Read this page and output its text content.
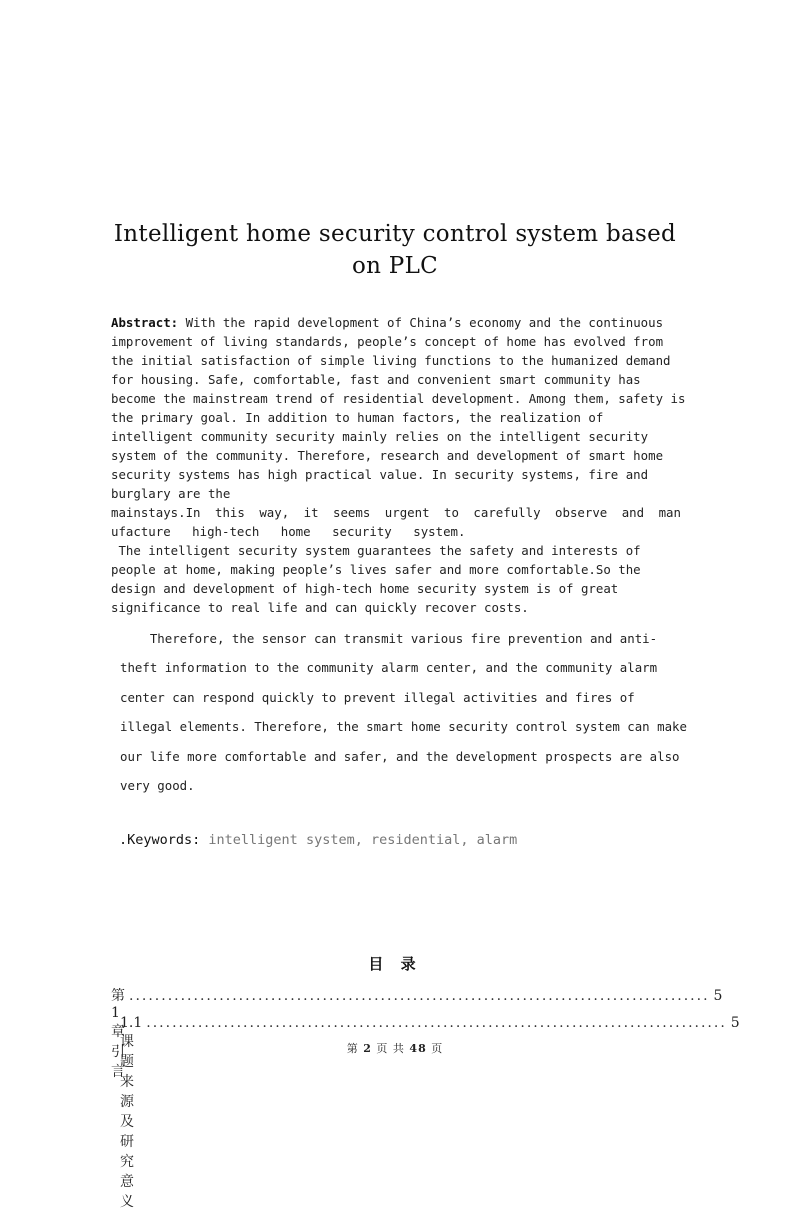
Intelligent home security control system based
on PLC
Abstract: With the rapid development of China’s economy and the continuous
improvement of living standards, people’s concept of home has evolved from
the initial satisfaction of simple living functions to the humanized demand
for housing. Safe, comfortable, fast and convenient smart community has
become the mainstream trend of residential development. Among them, safety is
the primary goal. In addition to human factors, the realization of
intelligent community security mainly relies on the intelligent security
system of the community. Therefore, research and development of smart home
security systems has high practical value. In security systems, fire and
burglary are the
mainstays.In this way, it seems urgent to carefully observe and man
ufacture high-tech home security system.
The intelligent security system guarantees the safety and interests of
people at home, making people’s lives safer and more comfortable.So the
design and development of high-tech home security system is of great
significance to real life and can quickly recover costs.
Therefore, the sensor can transmit various fire prevention and anti-
theft information to the community alarm center, and the community alarm
center can respond quickly to prevent illegal activities and fires of
illegal elements. Therefore, the smart home security control system can make
our life more comfortable and safer, and the development prospects are also
very good.
.Keywords: intelligent system, residential, alarm
目 录
第 1 章 引言
.......................................................................................... 5
1.1 课题来源及研究意义
.......................................................................................... 5
第 2 页 共 48 页
